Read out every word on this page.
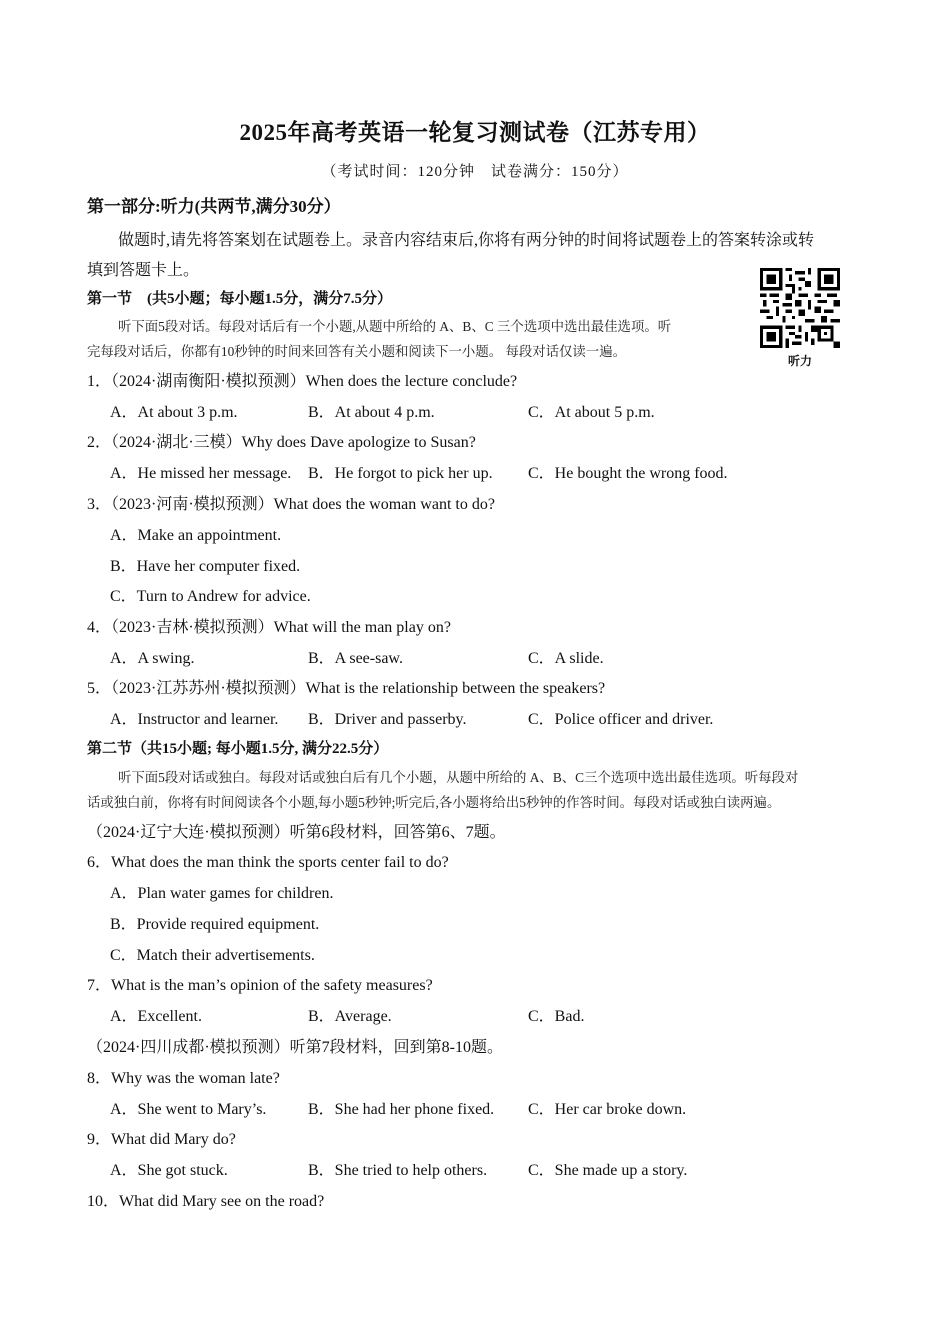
2025年高考英语一轮复习测试卷（江苏专用）
（考试时间：120分钟　试卷满分：150分）
第一部分:听力(共两节,满分30分）
做题时,请先将答案划在试题卷上。录音内容结束后,你将有两分钟的时间将试题卷上的答案转涂或转
填到答题卡上。
听力
第一节　(共5小题；每小题1.5分，满分7.5分）
听下面5段对话。每段对话后有一个小题,从题中所给的 A、B、C 三个选项中选出最佳选项。听
完每段对话后，你都有10秒钟的时间来回答有关小题和阅读下一小题。 每段对话仅读一遍。
1．（2024·湖南衡阳·模拟预测）When does the lecture conclude?
A．At about 3 p.m.	B．At about 4 p.m.	C．At about 5 p.m.
2．（2024·湖北·三模）Why does Dave apologize to Susan?
A．He missed her message. B．He forgot to pick her up. C．He bought the wrong food.
3．（2023·河南·模拟预测）What does the woman want to do?
A．Make an appointment.
B．Have her computer fixed.
C．Turn to Andrew for advice.
4．（2023·吉林·模拟预测）What will the man play on?
A．A swing.	B．A see-saw.	C．A slide.
5．（2023·江苏苏州·模拟预测）What is the relationship between the speakers?
A．Instructor and learner. B．Driver and passerby.	C．Police officer and driver.
第二节（共15小题; 每小题1.5分, 满分22.5分）
听下面5段对话或独白。每段对话或独白后有几个小题，从题中所给的 A、B、C三个选项中选出最佳选项。听每段对
话或独白前，你将有时间阅读各个小题,每小题5秒钟;听完后,各小题将给出5秒钟的作答时间。每段对话或独白读两遍。
（2024·辽宁大连·模拟预测）听第6段材料，回答第6、7题。
6．What does the man think the sports center fail to do?
A．Plan water games for children.
B．Provide required equipment.
C．Match their advertisements.
7．What is the man’s opinion of the safety measures?
A．Excellent.	B．Average.	C．Bad.
（2024·四川成都·模拟预测）听第7段材料，回到第8-10题。
8．Why was the woman late?
A．She went to Mary’s.	B．She had her phone fixed. C．Her car broke down.
9．What did Mary do?
A．She got stuck.	B．She tried to help others.	C．She made up a story.
10．What did Mary see on the road?
